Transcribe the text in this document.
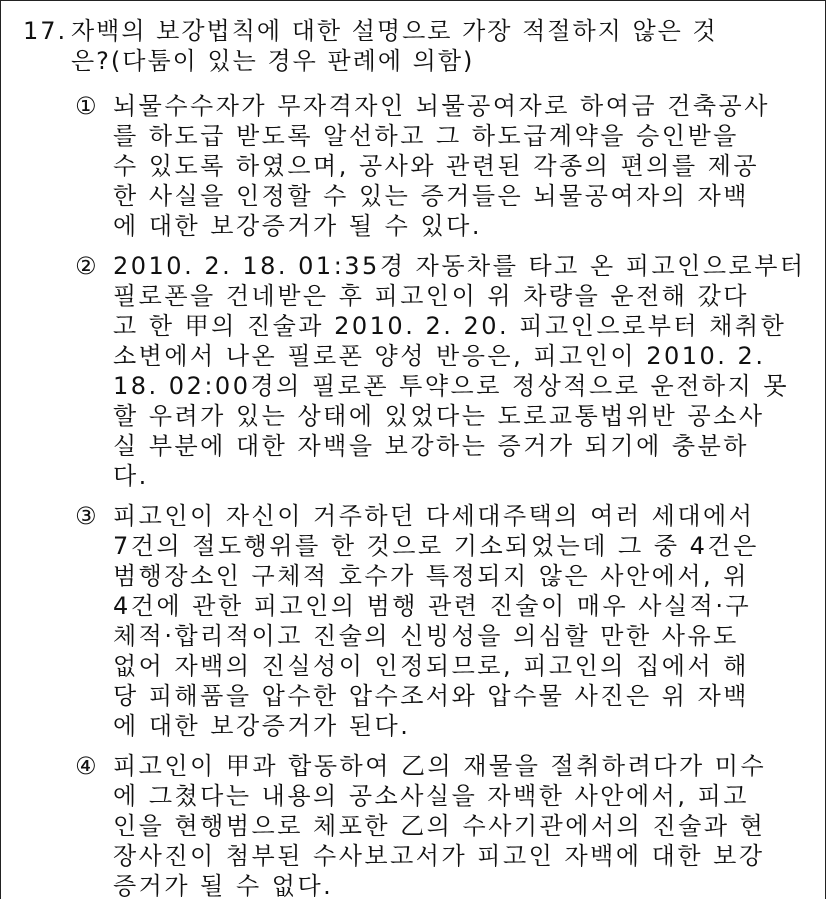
17. 자백의 보강법칙에 대한 설명으로 가장 적절하지 않은 것
은?(다툼이 있는 경우 판례에 의함)
① 뇌물수수자가 무자격자인 뇌물공여자로 하여금 건축공사
를 하도급 받도록 알선하고 그 하도급계약을 승인받을
수 있도록 하였으며, 공사와 관련된 각종의 편의를 제공
한 사실을 인정할 수 있는 증거들은 뇌물공여자의 자백
에 대한 보강증거가 될 수 있다.
② 2010. 2. 18. 01:35경 자동차를 타고 온 피고인으로부터
필로폰을 건네받은 후 피고인이 위 차량을 운전해 갔다
고 한 甲의 진술과 2010. 2. 20. 피고인으로부터 채취한
소변에서 나온 필로폰 양성 반응은, 피고인이 2010. 2.
18. 02:00경의 필로폰 투약으로 정상적으로 운전하지 못
할 우려가 있는 상태에 있었다는 도로교통법위반 공소사
실 부분에 대한 자백을 보강하는 증거가 되기에 충분하
다.
③ 피고인이 자신이 거주하던 다세대주택의 여러 세대에서
7건의 절도행위를 한 것으로 기소되었는데 그 중 4건은
범행장소인 구체적 호수가 특정되지 않은 사안에서, 위
4건에 관한 피고인의 범행 관련 진술이 매우 사실적·구
체적·합리적이고 진술의 신빙성을 의심할 만한 사유도
없어 자백의 진실성이 인정되므로, 피고인의 집에서 해
당 피해품을 압수한 압수조서와 압수물 사진은 위 자백
에 대한 보강증거가 된다.
④ 피고인이 甲과 합동하여 乙의 재물을 절취하려다가 미수
에 그쳤다는 내용의 공소사실을 자백한 사안에서, 피고
인을 현행범으로 체포한 乙의 수사기관에서의 진술과 현
장사진이 첨부된 수사보고서가 피고인 자백에 대한 보강
증거가 될 수 없다.
